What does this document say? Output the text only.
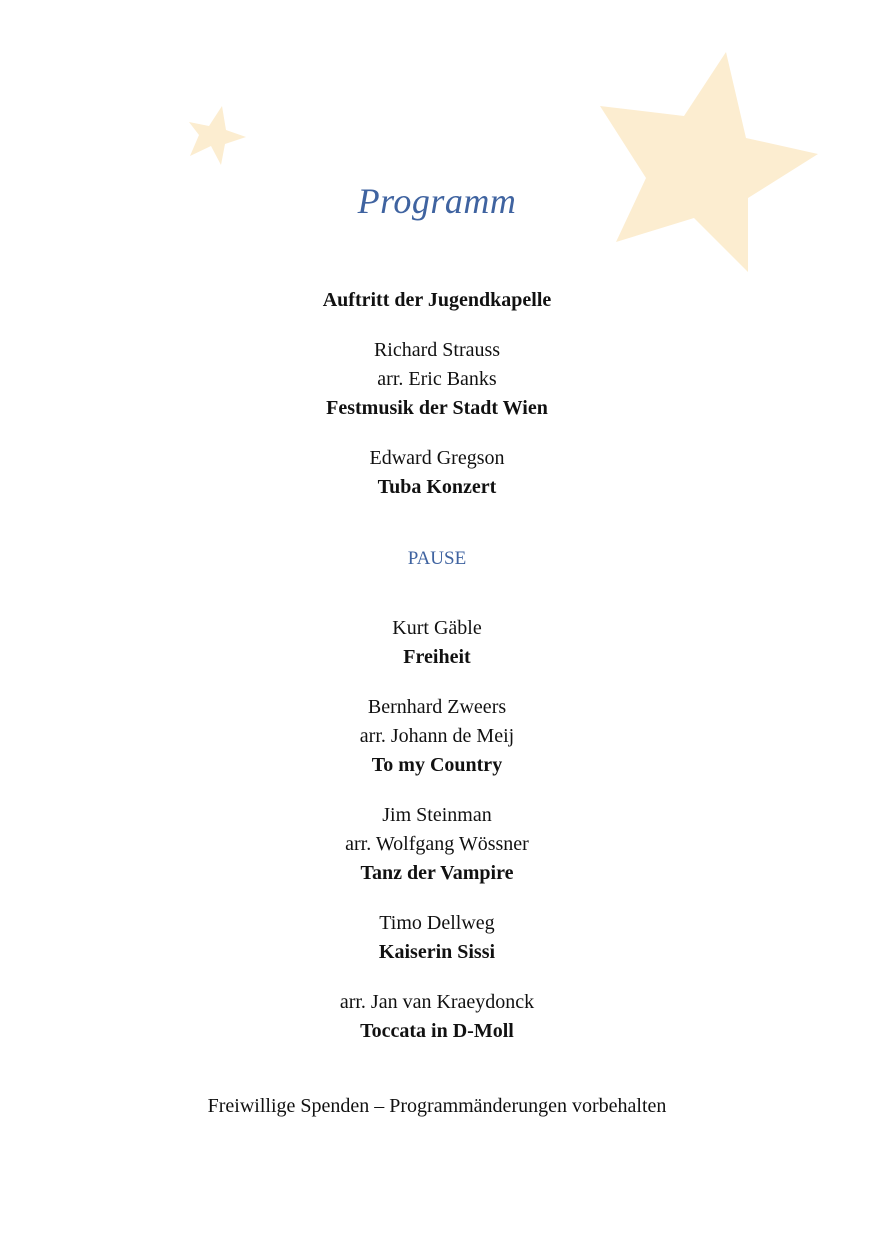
Programm
Auftritt der Jugendkapelle
Richard Strauss
arr. Eric Banks
Festmusik der Stadt Wien
Edward Gregson
Tuba Konzert
PAUSE
Kurt Gäble
Freiheit
Bernhard Zweers
arr. Johann de Meij
To my Country
Jim Steinman
arr. Wolfgang Wössner
Tanz der Vampire
Timo Dellweg
Kaiserin Sissi
arr. Jan van Kraeydonck
Toccata in D-Moll
Freiwillige Spenden – Programmänderungen vorbehalten
